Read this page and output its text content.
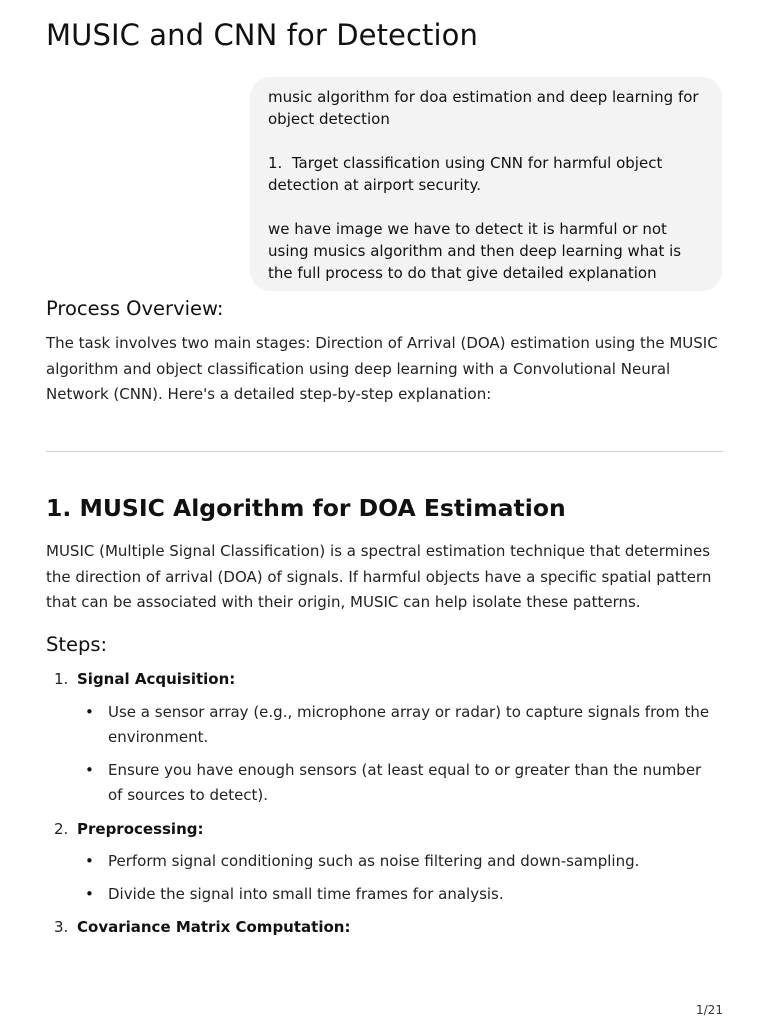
MUSIC and CNN for Detection
music algorithm for doa estimation and deep learning for object detection

1.  Target classification using CNN for harmful object detection at airport security.

we have image we have to detect it is harmful or not using musics algorithm and then deep learning what is the full process to do that give detailed explanation
Process Overview:

The task involves two main stages: Direction of Arrival (DOA) estimation using the MUSIC algorithm and object classification using deep learning with a Convolutional Neural Network (CNN). Here's a detailed step-by-step explanation:

1. MUSIC Algorithm for DOA Estimation

MUSIC (Multiple Signal Classification) is a spectral estimation technique that determines the direction of arrival (DOA) of signals. If harmful objects have a specific spatial pattern that can be associated with their origin, MUSIC can help isolate these patterns.

Steps:
1. Signal Acquisition:
• Use a sensor array (e.g., microphone array or radar) to capture signals from the environment.
• Ensure you have enough sensors (at least equal to or greater than the number of sources to detect).
2. Preprocessing:
• Perform signal conditioning such as noise filtering and down-sampling.
• Divide the signal into small time frames for analysis.
3. Covariance Matrix Computation:
1/21
